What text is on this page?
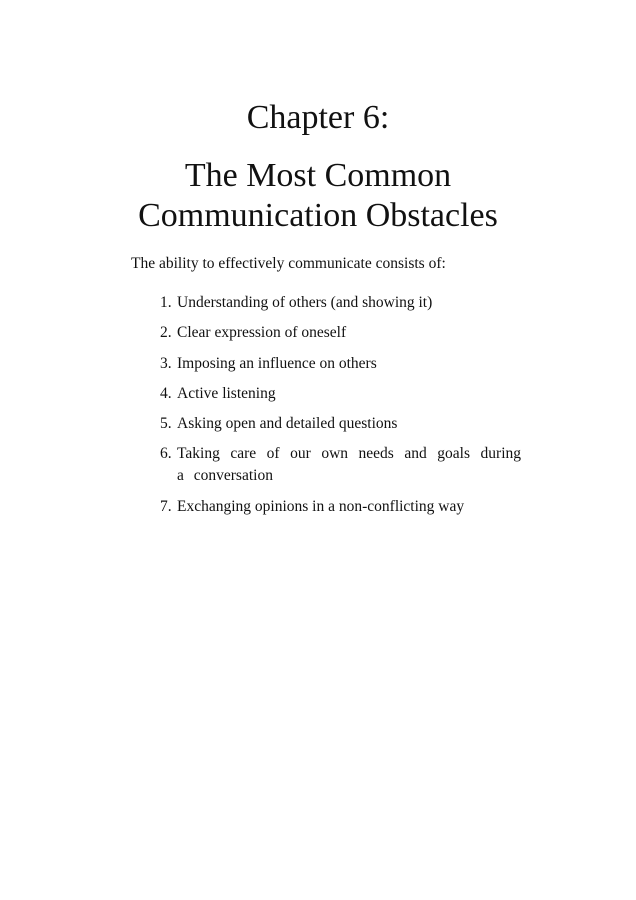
Chapter 6:
The Most Common
Communication Obstacles

The ability to effectively communicate consists of:

1. Understanding of others (and showing it)
2. Clear expression of oneself
3. Imposing an influence on others
4. Active listening
5. Asking open and detailed questions
6. Taking care of our own needs and goals during a conversation
7. Exchanging opinions in a non-conflicting way
